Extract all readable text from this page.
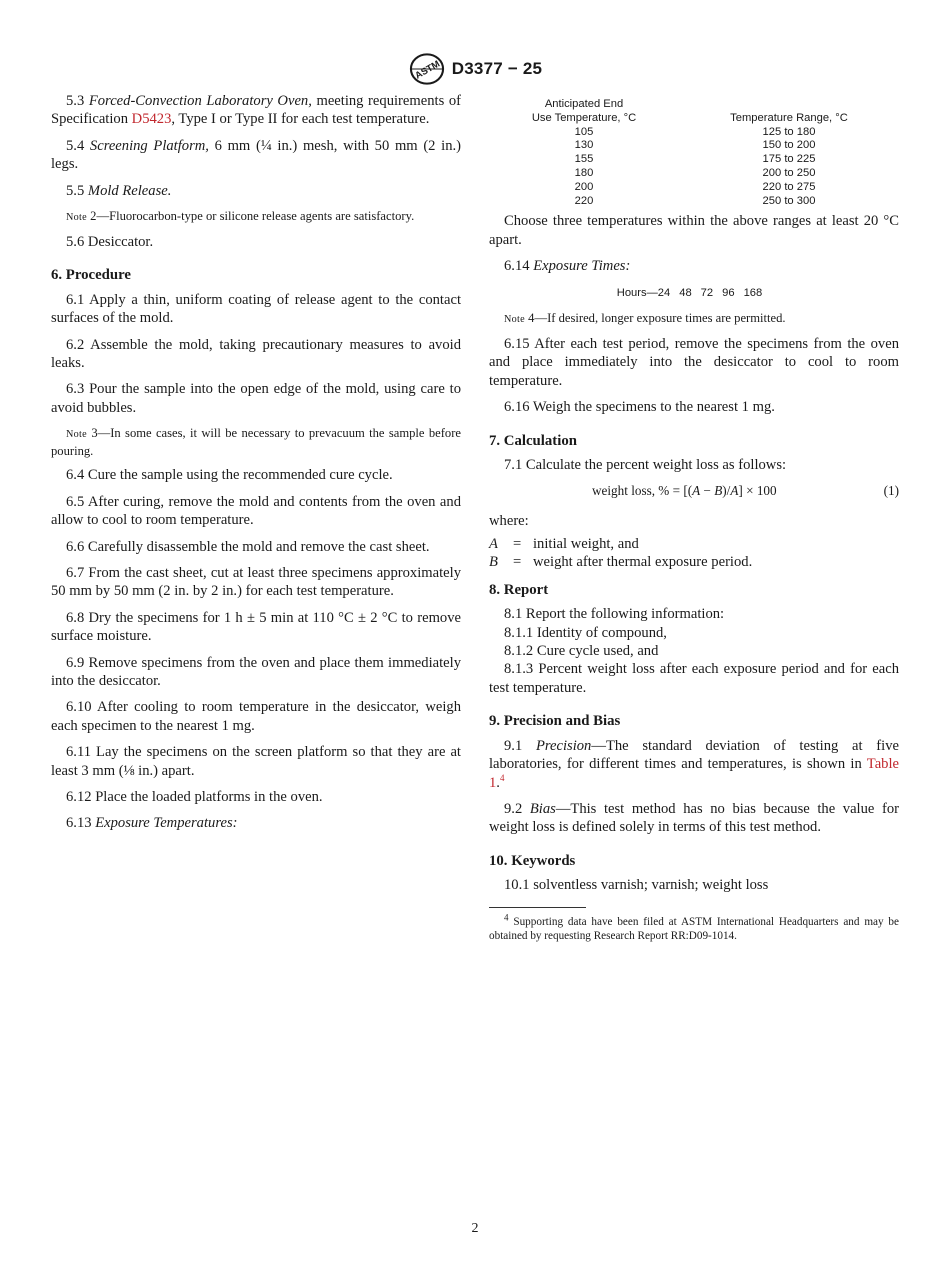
ASTM D3377 − 25

5.3 Forced-Convection Laboratory Oven, meeting requirements of Specification D5423, Type I or Type II for each test temperature.

5.4 Screening Platform, 6 mm (¼ in.) mesh, with 50 mm (2 in.) legs.

5.5 Mold Release.

Note 2—Fluorocarbon-type or silicone release agents are satisfactory.

5.6 Desiccator.

6. Procedure

6.1 Apply a thin, uniform coating of release agent to the contact surfaces of the mold.

6.2 Assemble the mold, taking precautionary measures to avoid leaks.

6.3 Pour the sample into the open edge of the mold, using care to avoid bubbles.

Note 3—In some cases, it will be necessary to prevacuum the sample before pouring.

6.4 Cure the sample using the recommended cure cycle.

6.5 After curing, remove the mold and contents from the oven and allow to cool to room temperature.

6.6 Carefully disassemble the mold and remove the cast sheet.

6.7 From the cast sheet, cut at least three specimens approximately 50 mm by 50 mm (2 in. by 2 in.) for each test temperature.

6.8 Dry the specimens for 1 h ± 5 min at 110 °C ± 2 °C to remove surface moisture.

6.9 Remove specimens from the oven and place them immediately into the desiccator.

6.10 After cooling to room temperature in the desiccator, weigh each specimen to the nearest 1 mg.

6.11 Lay the specimens on the screen platform so that they are at least 3 mm (⅛ in.) apart.

6.12 Place the loaded platforms in the oven.

6.13 Exposure Temperatures:

Anticipated End	
Use Temperature, °C	Temperature Range, °C
105	125 to 180
130	150 to 200
155	175 to 225
180	200 to 250
200	220 to 275
220	250 to 300

Choose three temperatures within the above ranges at least 20 °C apart.

6.14 Exposure Times:

Hours—24 48 72 96 168

Note 4—If desired, longer exposure times are permitted.

6.15 After each test period, remove the specimens from the oven and place immediately into the desiccator to cool to room temperature.

6.16 Weigh the specimens to the nearest 1 mg.

7. Calculation

7.1 Calculate the percent weight loss as follows:

weight loss, % = [(A − B)/A] × 100	(1)

where:

A	= initial weight, and
B	= weight after thermal exposure period.
8. Report

8.1 Report the following information:

8.1.1 Identity of compound,

8.1.2 Cure cycle used, and

8.1.3 Percent weight loss after each exposure period and for each test temperature.

9. Precision and Bias

9.1 Precision—The standard deviation of testing at five laboratories, for different times and temperatures, is shown in Table 1.$^4$

9.2 Bias—This test method has no bias because the value for weight loss is defined solely in terms of this test method.

10. Keywords

10.1 solventless varnish; varnish; weight loss

$^4$ Supporting data have been filed at ASTM International Headquarters and may be obtained by requesting Research Report RR:D09-1014.

2
